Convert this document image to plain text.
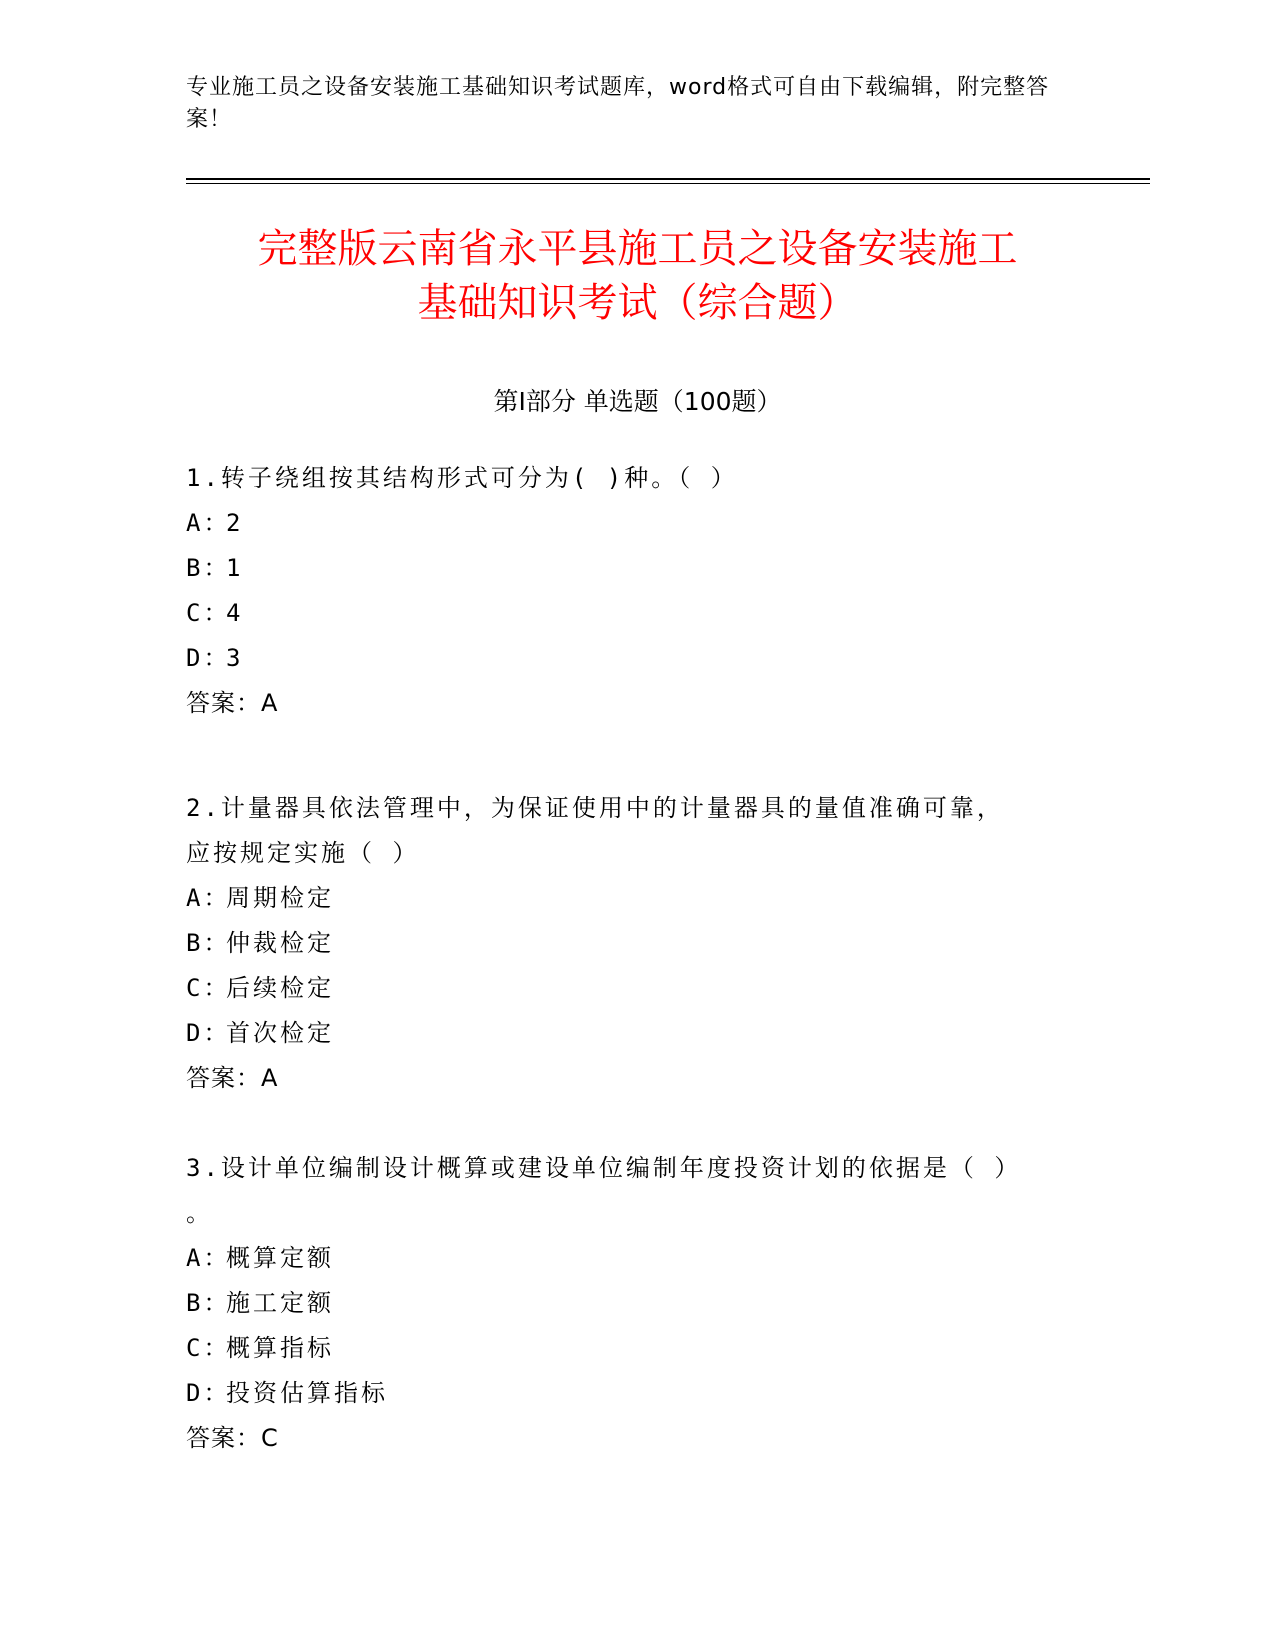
专业施工员之设备安装施工基础知识考试题库，word格式可自由下载编辑，附完整答案！
完整版云南省永平县施工员之设备安装施工
基础知识考试（综合题）
第Ⅰ部分 单选题（100题）
1.转子绕组按其结构形式可分为( )种。（ ）
A：2
B：1
C：4
D：3
答案：A
2.计量器具依法管理中，为保证使用中的计量器具的量值准确可靠，
应按规定实施（ ）
A：周期检定
B：仲裁检定
C：后续检定
D：首次检定
答案：A
3.设计单位编制设计概算或建设单位编制年度投资计划的依据是（ ）
。
A：概算定额
B：施工定额
C：概算指标
D：投资估算指标
答案：C
